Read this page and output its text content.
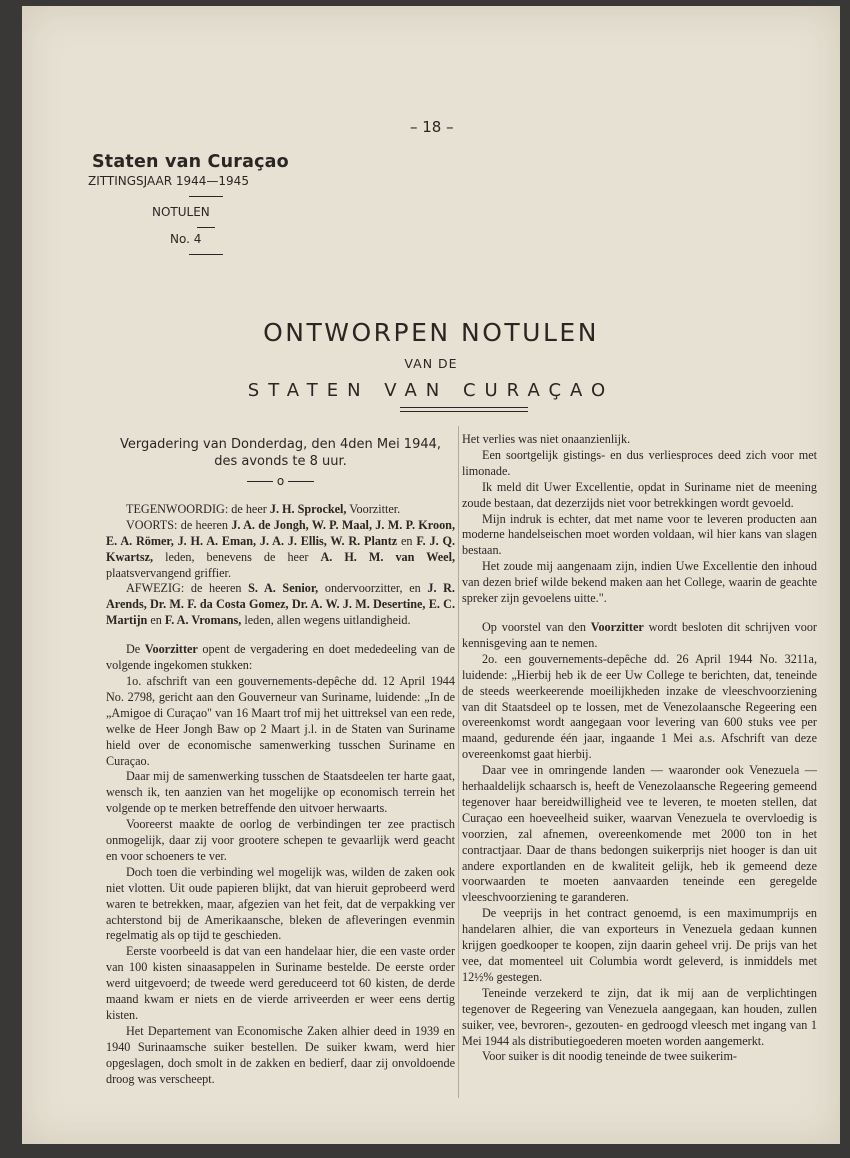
– 18 –
Staten van Curaçao
ZITTINGSJAAR 1944—1945
NOTULEN
No. 4
ONTWORPEN NOTULEN
VAN DE
STATEN VAN CURAÇAO
Vergadering van Donderdag, den 4den Mei 1944,
des avonds te 8 uur.
o

TEGENWOORDIG: de heer J. H. Sprockel, Voorzitter.

VOORTS: de heeren J. A. de Jongh, W. P. Maal, J. M. P. Kroon, E. A. Römer, J. H. A. Eman, J. A. J. Ellis, W. R. Plantz en F. J. Q. Kwartsz, leden, benevens de heer A. H. M. van Weel, plaatsvervangend griffier.

AFWEZIG: de heeren S. A. Senior, ondervoorzitter, en J. R. Arends, Dr. M. F. da Costa Gomez, Dr. A. W. J. M. Desertine, E. C. Martijn en F. A. Vromans, leden, allen wegens uitlandigheid.

De Voorzitter opent de vergadering en doet mededeeling van de volgende ingekomen stukken:

1o. afschrift van een gouvernements-depêche dd. 12 April 1944 No. 2798, gericht aan den Gouverneur van Suriname, luidende: „In de „Amigoe di Curaçao" van 16 Maart trof mij het uittreksel van een rede, welke de Heer Jongh Baw op 2 Maart j.l. in de Staten van Suriname hield over de economische samenwerking tusschen Suriname en Curaçao.

Daar mij de samenwerking tusschen de Staatsdeelen ter harte gaat, wensch ik, ten aanzien van het mogelijke op economisch terrein het volgende op te merken betreffende den uitvoer herwaarts.

Vooreerst maakte de oorlog de verbindingen ter zee practisch onmogelijk, daar zij voor grootere schepen te gevaarlijk werd geacht en voor schoeners te ver.

Doch toen die verbinding wel mogelijk was, wilden de zaken ook niet vlotten. Uit oude papieren blijkt, dat van hieruit geprobeerd werd waren te betrekken, maar, afgezien van het feit, dat de verpakking ver achterstond bij de Amerikaansche, bleken de afleveringen evenmin regelmatig als op tijd te geschieden.

Eerste voorbeeld is dat van een handelaar hier, die een vaste order van 100 kisten sinaasappelen in Suriname bestelde. De eerste order werd uitgevoerd; de tweede werd gereduceerd tot 60 kisten, de derde maand kwam er niets en de vierde arriveerden er weer eens dertig kisten.

Het Departement van Economische Zaken alhier deed in 1939 en 1940 Surinaamsche suiker bestellen. De suiker kwam, werd hier opgeslagen, doch smolt in de zakken en bedierf, daar zij onvoldoende droog was verscheept.

Het verlies was niet onaanzienlijk.

Een soortgelijk gistings- en dus verliesproces deed zich voor met limonade.

Ik meld dit Uwer Excellentie, opdat in Suriname niet de meening zoude bestaan, dat dezerzijds niet voor betrekkingen wordt gevoeld.

Mijn indruk is echter, dat met name voor te leveren producten aan moderne handelseischen moet worden voldaan, wil hier kans van slagen bestaan.

Het zoude mij aangenaam zijn, indien Uwe Excellentie den inhoud van dezen brief wilde bekend maken aan het College, waarin de geachte spreker zijn gevoelens uitte.".

Op voorstel van den Voorzitter wordt besloten dit schrijven voor kennisgeving aan te nemen.

2o. een gouvernements-depêche dd. 26 April 1944 No. 3211a, luidende: „Hierbij heb ik de eer Uw College te berichten, dat, teneinde de steeds weerkeerende moeilijkheden inzake de vleeschvoorziening van dit Staatsdeel op te lossen, met de Venezolaansche Regeering een overeenkomst wordt aangegaan voor levering van 600 stuks vee per maand, gedurende één jaar, ingaande 1 Mei a.s. Afschrift van deze overeenkomst gaat hierbij.

Daar vee in omringende landen — waaronder ook Venezuela — herhaaldelijk schaarsch is, heeft de Venezolaansche Regeering gemeend tegenover haar bereidwilligheid vee te leveren, te moeten stellen, dat Curaçao een hoeveelheid suiker, waarvan Venezuela te overvloedig is voorzien, zal afnemen, overeenkomende met 2000 ton in het contractjaar. Daar de thans bedongen suikerprijs niet hooger is dan uit andere exportlanden en de kwaliteit gelijk, heb ik gemeend deze voorwaarden te moeten aanvaarden teneinde een geregelde vleeschvoorziening te garanderen.

De veeprijs in het contract genoemd, is een maximumprijs en handelaren alhier, die van exporteurs in Venezuela gedaan kunnen krijgen goedkooper te koopen, zijn daarin geheel vrij. De prijs van het vee, dat momenteel uit Columbia wordt geleverd, is inmiddels met 12½% gestegen.

Teneinde verzekerd te zijn, dat ik mij aan de verplichtingen tegenover de Regeering van Venezuela aangegaan, kan houden, zullen suiker, vee, bevroren-, gezouten- en gedroogd vleesch met ingang van 1 Mei 1944 als distributiegoederen moeten worden aangemerkt.

Voor suiker is dit noodig teneinde de twee suikerim-
